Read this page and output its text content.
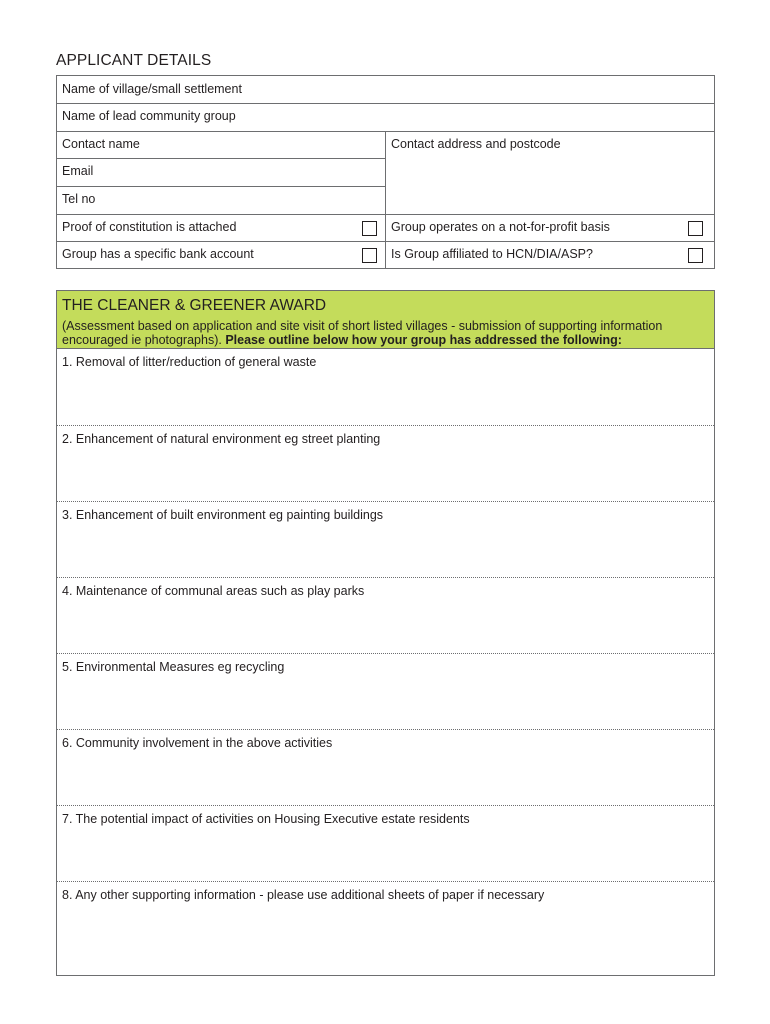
APPLICANT DETAILS
Name of village/small settlement
Name of lead community group
Contact name	Contact address and postcode
Email
Tel no
Proof of constitution is attached	Group operates on a not-for-profit basis
Group has a specific bank account	Is Group affiliated to HCN/DIA/ASP?
THE CLEANER & GREENER AWARD
(Assessment based on application and site visit of short listed villages - submission of supporting information encouraged ie photographs). Please outline below how your group has addressed the following:
1. Removal of litter/reduction of general waste
2. Enhancement of natural environment eg street planting
3. Enhancement of built environment eg painting buildings
4. Maintenance of communal areas such as play parks
5. Environmental Measures eg recycling
6. Community involvement in the above activities
7. The potential impact of activities on Housing Executive estate residents
8. Any other supporting information - please use additional sheets of paper if necessary
